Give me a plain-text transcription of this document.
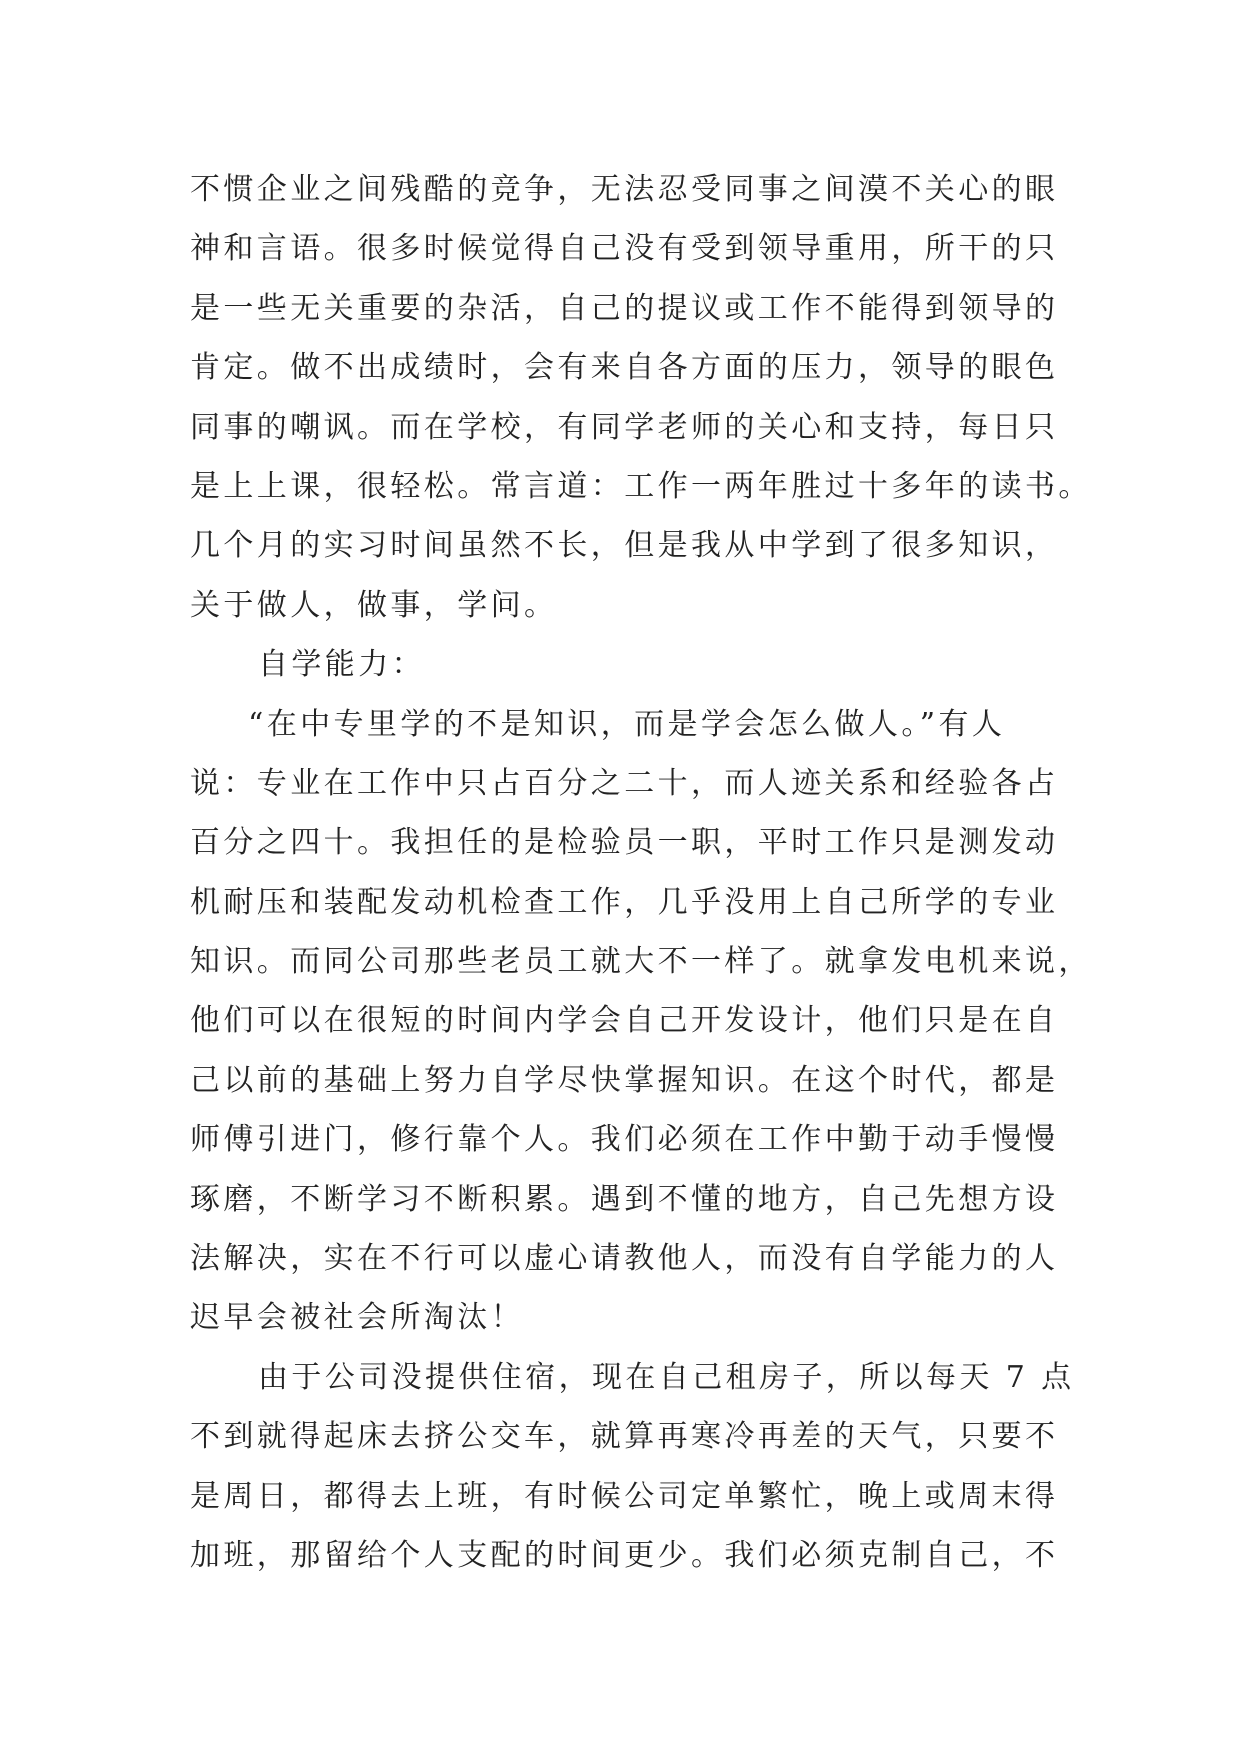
不惯企业之间残酷的竞争，无法忍受同事之间漠不关心的眼
神和言语。很多时候觉得自己没有受到领导重用，所干的只
是一些无关重要的杂活，自己的提议或工作不能得到领导的
肯定。做不出成绩时，会有来自各方面的压力，领导的眼色
同事的嘲讽。而在学校，有同学老师的关心和支持，每日只
是上上课，很轻松。常言道：工作一两年胜过十多年的读书。
几个月的实习时间虽然不长，但是我从中学到了很多知识，
关于做人，做事，学问。
自学能力：
“在中专里学的不是知识，而是学会怎么做人。”有人
说：专业在工作中只占百分之二十，而人迹关系和经验各占
百分之四十。我担任的是检验员一职，平时工作只是测发动
机耐压和装配发动机检查工作，几乎没用上自己所学的专业
知识。而同公司那些老员工就大不一样了。就拿发电机来说，
他们可以在很短的时间内学会自己开发设计，他们只是在自
己以前的基础上努力自学尽快掌握知识。在这个时代，都是
师傅引进门，修行靠个人。我们必须在工作中勤于动手慢慢
琢磨，不断学习不断积累。遇到不懂的地方，自己先想方设
法解决，实在不行可以虚心请教他人，而没有自学能力的人
迟早会被社会所淘汰！
由于公司没提供住宿，现在自己租房子，所以每天 7 点
不到就得起床去挤公交车，就算再寒冷再差的天气，只要不
是周日，都得去上班，有时候公司定单繁忙，晚上或周末得
加班，那留给个人支配的时间更少。我们必须克制自己，不
